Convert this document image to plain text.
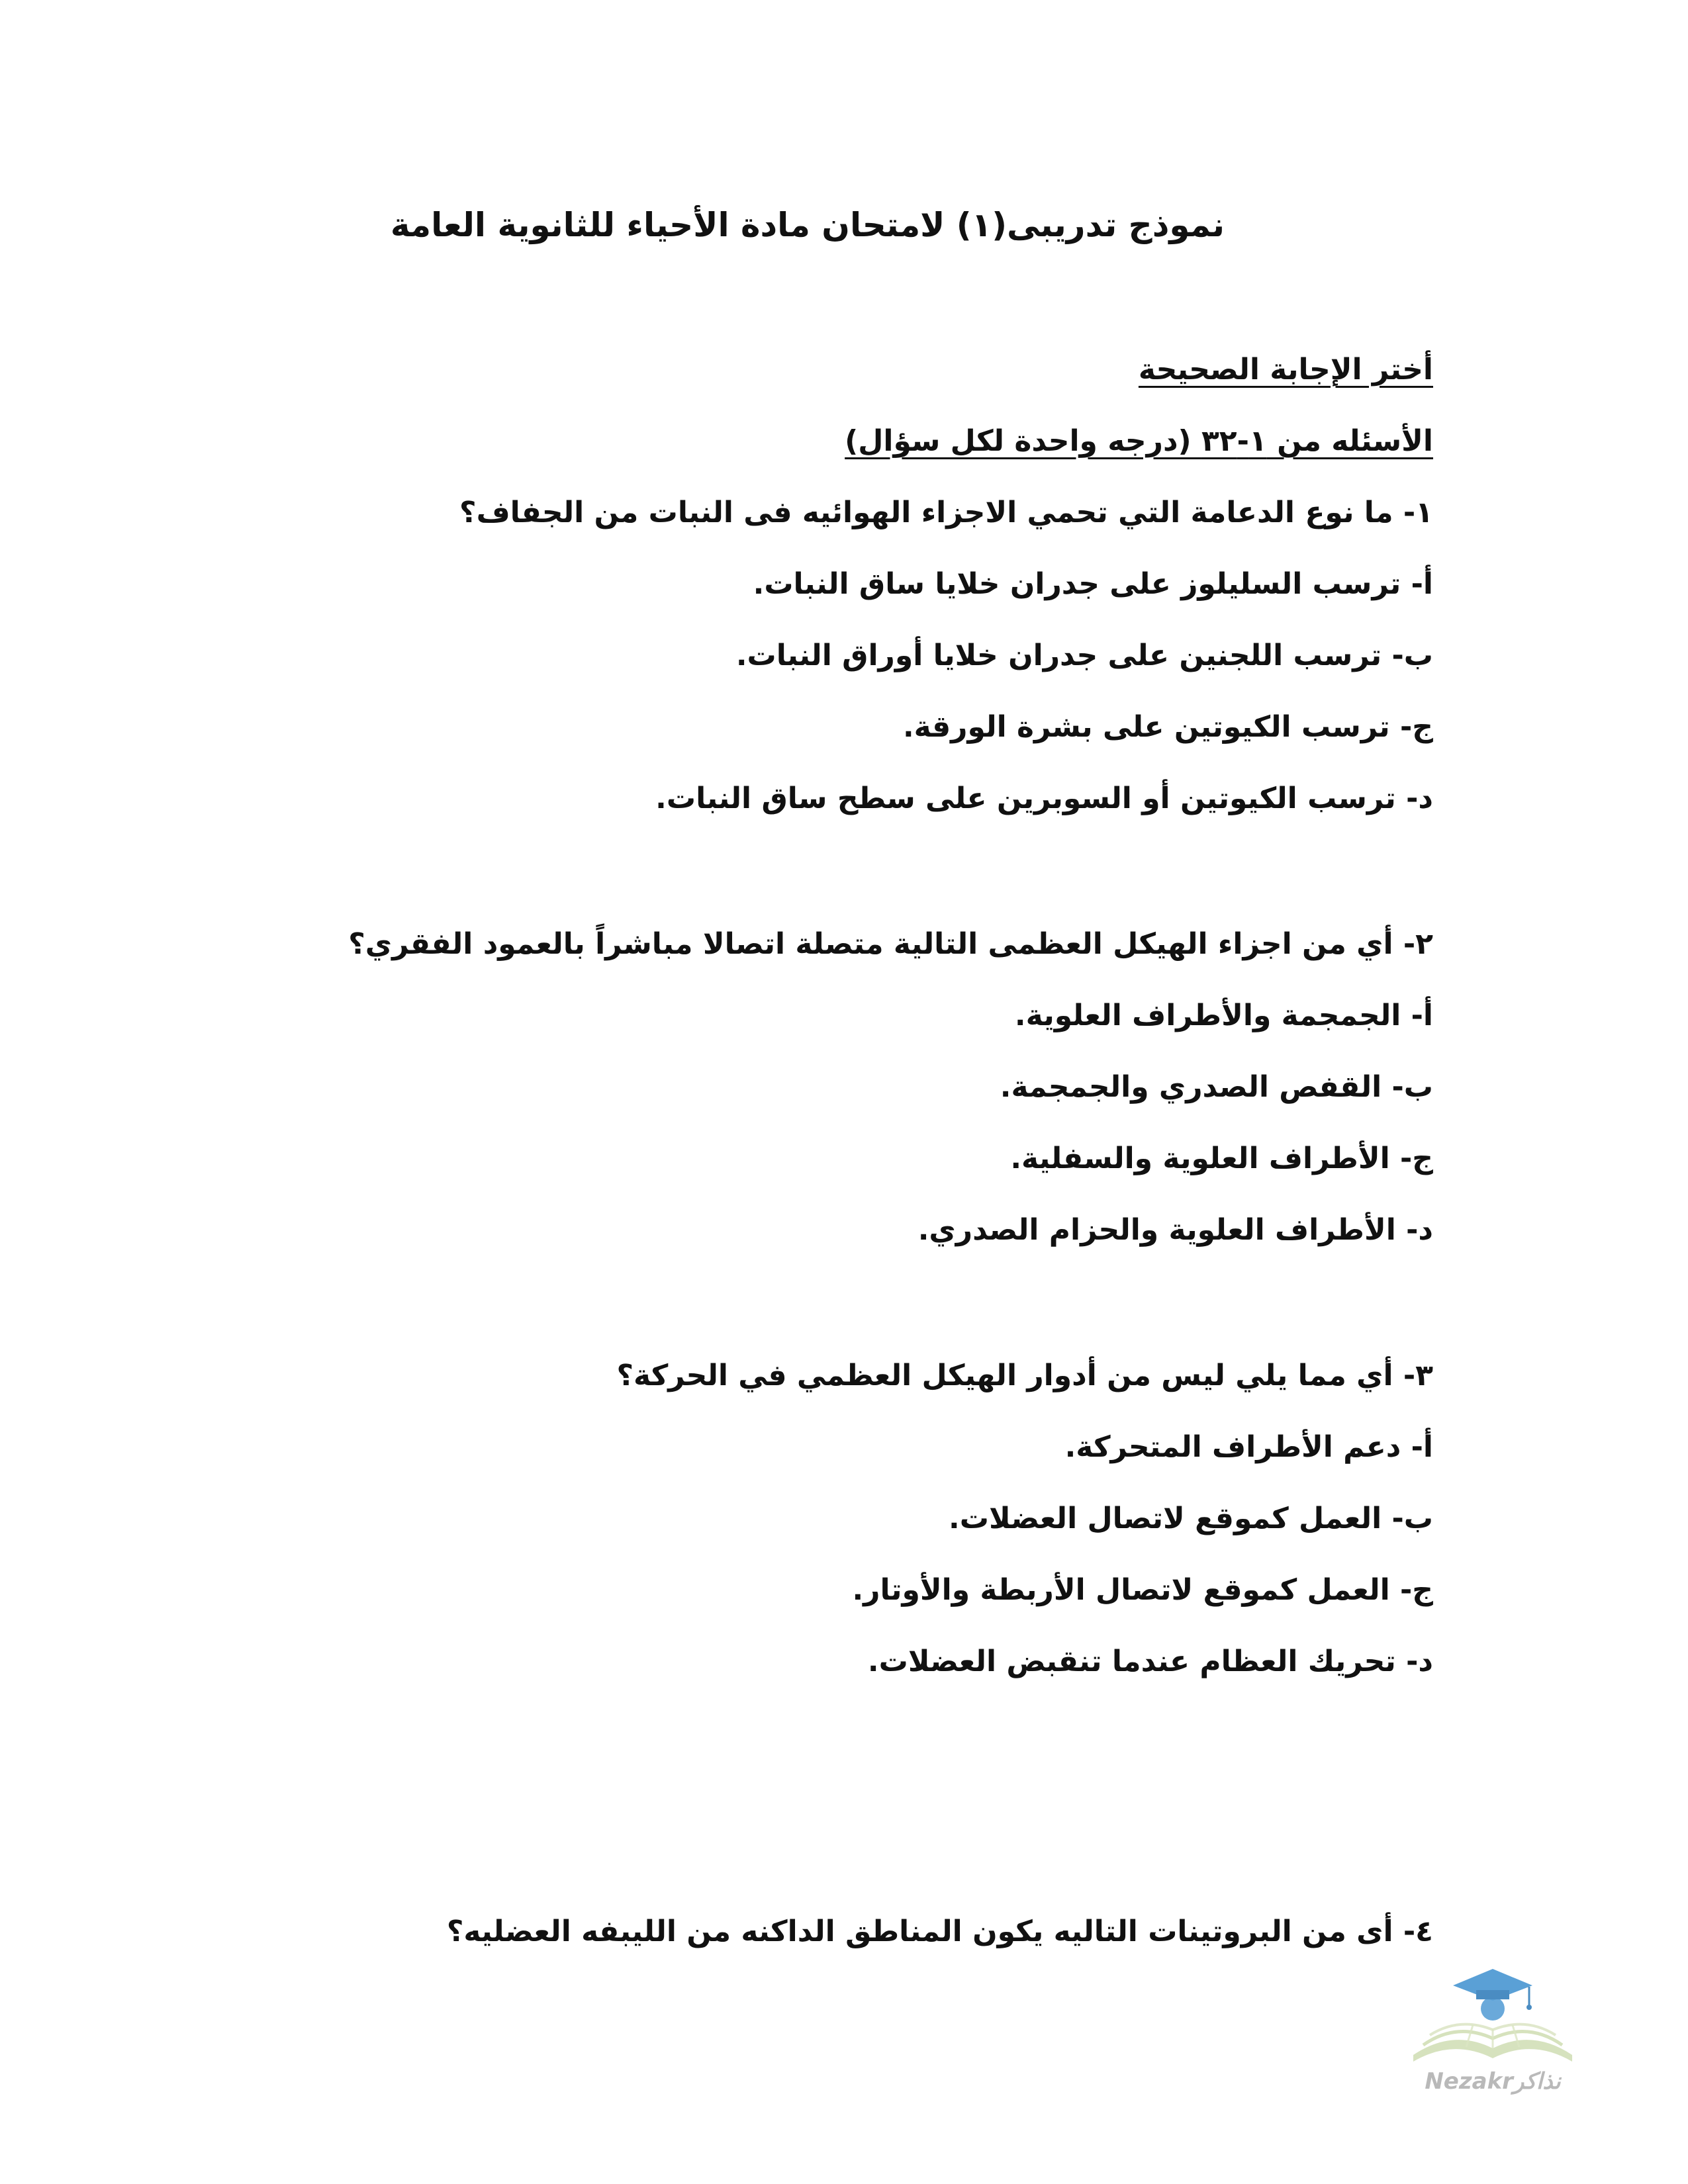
نموذج تدريبى(١) لامتحان مادة الأحياء للثانوية العامة
أختر الإجابة الصحيحة
الأسئله من ١-٣٢ (درجه واحدة لكل سؤال)
١- ما نوع الدعامة التي تحمي الاجزاء الهوائيه فى النبات من الجفاف؟
أ- ترسب السليلوز على جدران خلايا ساق النبات.
ب- ترسب اللجنين على جدران خلايا أوراق النبات.
ج- ترسب الكيوتين على بشرة الورقة.
د- ترسب الكيوتين أو السوبرين على سطح ساق النبات.
٢- أي من اجزاء الهيكل العظمى التالية متصلة اتصالا مباشراً بالعمود الفقري؟
أ- الجمجمة والأطراف العلوية.
ب- القفص الصدري والجمجمة.
ج- الأطراف العلوية والسفلية.
د- الأطراف العلوية والحزام الصدري.
٣- أي مما يلي ليس من أدوار الهيكل العظمي في الحركة؟
أ- دعم الأطراف المتحركة.
ب- العمل كموقع لاتصال العضلات.
ج- العمل كموقع لاتصال الأربطة والأوتار.
د- تحريك العظام عندما تنقبض العضلات.
٤- أى من البروتينات التاليه يكون المناطق الداكنه من الليبفه العضليه؟
Nezakrنذاكر
